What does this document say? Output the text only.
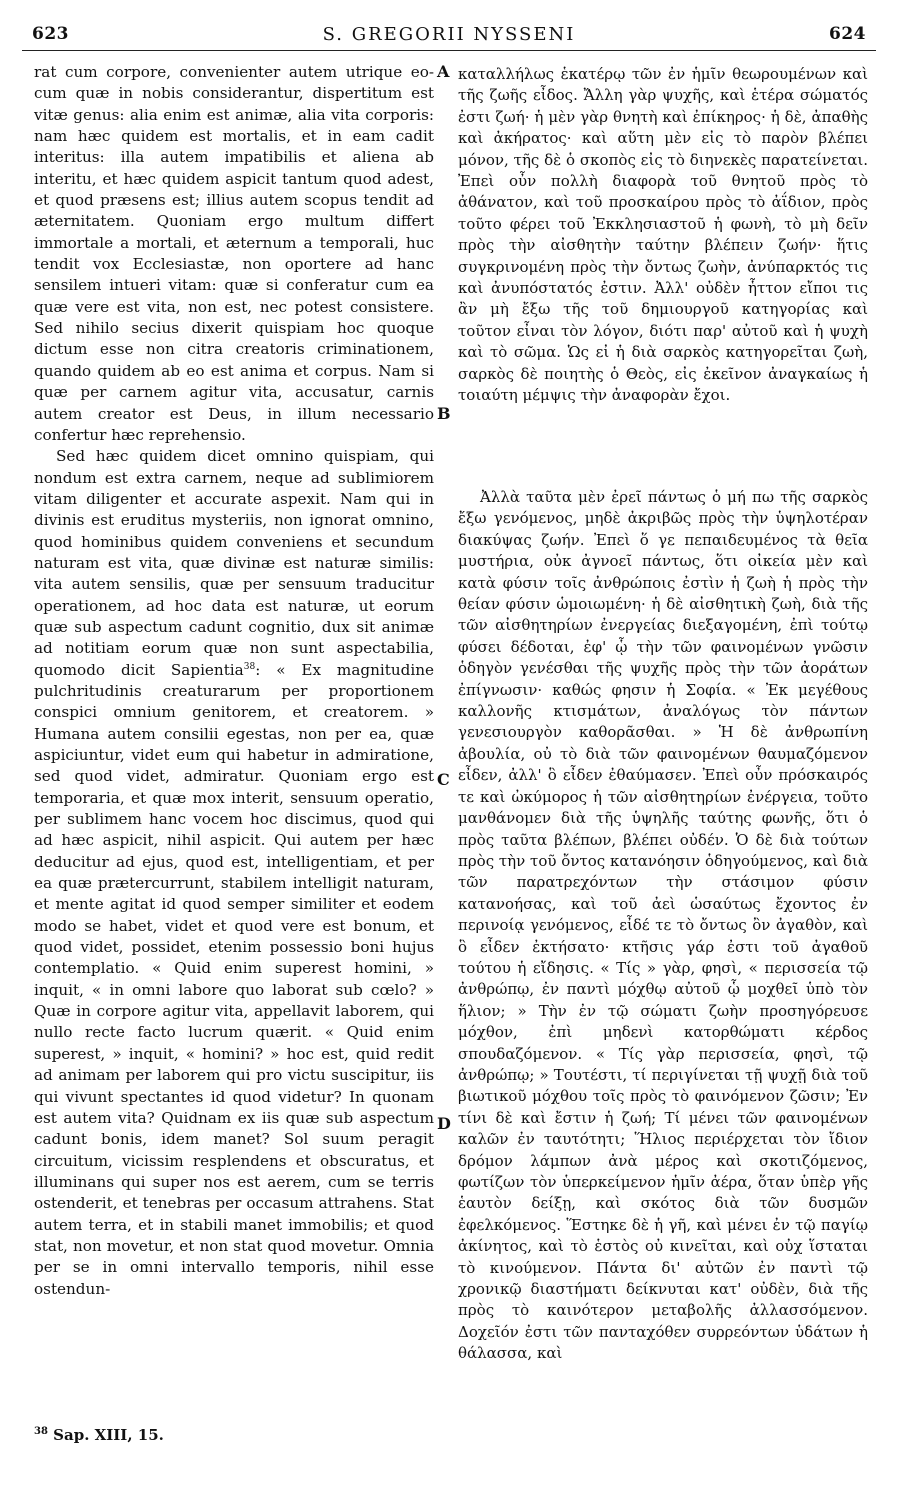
623	S. GREGORII NYSSENI	624

rat cum corpore, convenienter autem utrique eo-cum quæ in nobis considerantur, dispertitum est vitæ genus: alia enim est animæ, alia vita corporis: nam hæc quidem est mortalis, et in eam cadit interitus: illa autem impatibilis et aliena ab interitu, et hæc quidem aspicit tantum quod adest, et quod præsens est; illius autem scopus tendit ad æternitatem. Quoniam ergo multum differt immortale a mortali, et æternum a temporali, huc tendit vox Ecclesiastæ, non oportere ad hanc sensilem intueri vitam: quæ si conferatur cum ea quæ vere est vita, non est, nec potest consistere. Sed nihilo secius dixerit quispiam hoc quoque dictum esse non citra creatoris criminationem, quando quidem ab eo est anima et corpus. Nam si quæ per carnem agitur vita, accusatur, carnis autem creator est Deus, in illum necessario confertur hæc reprehensio.

Sed hæc quidem dicet omnino quispiam, qui nondum est extra carnem, neque ad sublimiorem vitam diligenter et accurate aspexit. Nam qui in divinis est eruditus mysteriis, non ignorat omnino, quod hominibus quidem conveniens et secundum naturam est vita, quæ divinæ est naturæ similis: vita autem sensilis, quæ per sensuum traducitur operationem, ad hoc data est naturæ, ut eorum quæ sub aspectum cadunt cognitio, dux sit animæ ad notitiam eorum quæ non sunt aspectabilia, quomodo dicit Sapientia$^{38}$: « Ex magnitudine pulchritudinis creaturarum per proportionem conspici omnium genitorem, et creatorem. » Humana autem consilii egestas, non per ea, quæ aspiciuntur, videt eum qui habetur in admiratione, sed quod videt, admiratur. Quoniam ergo est temporaria, et quæ mox interit, sensuum operatio, per sublimem hanc vocem hoc discimus, quod qui ad hæc aspicit, nihil aspicit. Qui autem per hæc deducitur ad ejus, quod est, intelligentiam, et per ea quæ prætercurrunt, stabilem intelligit naturam, et mente agitat id quod semper similiter et eodem modo se habet, videt et quod vere est bonum, et quod videt, possidet, etenim possessio boni hujus contemplatio. « Quid enim superest homini, » inquit, « in omni labore quo laborat sub cœlo? » Quæ in corpore agitur vita, appellavit laborem, qui nullo recte facto lucrum quærit. « Quid enim superest, » inquit, « homini? » hoc est, quid redit ad animam per laborem qui pro victu suscipitur, iis qui vivunt spectantes id quod videtur? In quonam est autem vita? Quidnam ex iis quæ sub aspectum cadunt bonis, idem manet? Sol suum peragit circuitum, vicissim resplendens et obscuratus, et illuminans qui super nos est aerem, cum se terris ostenderit, et tenebras per occasum attrahens. Stat autem terra, et in stabili manet immobilis; et quod stat, non movetur, et non stat quod movetur. Omnia per se in omni intervallo temporis, nihil esse ostendun-

A
B
C
D

καταλλήλως ἑκατέρῳ τῶν ἐν ἡμῖν θεωρουμένων καὶ τῆς ζωῆς εἶδος. Ἄλλη γὰρ ψυχῆς, καὶ ἑτέρα σώματός ἐστι ζωή· ἡ μὲν γὰρ θνητὴ καὶ ἐπίκηρος· ἡ δὲ, ἀπαθὴς καὶ ἀκήρατος· καὶ αὕτη μὲν εἰς τὸ παρὸν βλέπει μόνον, τῆς δὲ ὁ σκοπὸς εἰς τὸ διηνεκὲς παρατείνεται. Ἐπεὶ οὖν πολλὴ διαφορὰ τοῦ θνητοῦ πρὸς τὸ ἀθάνατον, καὶ τοῦ προσκαίρου πρὸς τὸ ἀΐδιον, πρὸς τοῦτο φέρει τοῦ Ἐκκλησιαστοῦ ἡ φωνὴ, τὸ μὴ δεῖν πρὸς τὴν αἰσθητὴν ταύτην βλέπειν ζωήν· ἥτις συγκρινομένη πρὸς τὴν ὄντως ζωὴν, ἀνύπαρκτός τις καὶ ἀνυπόστατός ἐστιν. Ἀλλ' οὐδὲν ἧττον εἴποι τις ἂν μὴ ἔξω τῆς τοῦ δημιουργοῦ κατηγορίας καὶ τοῦτον εἶναι τὸν λόγον, διότι παρ' αὐτοῦ καὶ ἡ ψυχὴ καὶ τὸ σῶμα. Ὡς εἰ ἡ διὰ σαρκὸς κατηγορεῖται ζωὴ, σαρκὸς δὲ ποιητὴς ὁ Θεὸς, εἰς ἐκεῖνον ἀναγκαίως ἡ τοιαύτη μέμψις τὴν ἀναφορὰν ἔχοι.

Ἀλλὰ ταῦτα μὲν ἐρεῖ πάντως ὁ μή πω τῆς σαρκὸς ἔξω γενόμενος, μηδὲ ἀκριβῶς πρὸς τὴν ὑψηλοτέραν διακύψας ζωήν. Ἐπεὶ ὅ γε πεπαιδευμένος τὰ θεῖα μυστήρια, οὐκ ἀγνοεῖ πάντως, ὅτι οἰκεία μὲν καὶ κατὰ φύσιν τοῖς ἀνθρώποις ἐστὶν ἡ ζωὴ ἡ πρὸς τὴν θείαν φύσιν ὡμοιωμένη· ἡ δὲ αἰσθητικὴ ζωὴ, διὰ τῆς τῶν αἰσθητηρίων ἐνεργείας διεξαγομένη, ἐπὶ τούτῳ φύσει δέδοται, ἐφ' ᾧ τὴν τῶν φαινομένων γνῶσιν ὁδηγὸν γενέσθαι τῆς ψυχῆς πρὸς τὴν τῶν ἀοράτων ἐπίγνωσιν· καθώς φησιν ἡ Σοφία. « Ἐκ μεγέθους καλλονῆς κτισμάτων, ἀναλόγως τὸν πάντων γενεσιουργὸν καθορᾶσθαι. » Ἡ δὲ ἀνθρωπίνη ἀβουλία, οὐ τὸ διὰ τῶν φαινομένων θαυμαζόμενον εἶδεν, ἀλλ' ὃ εἶδεν ἐθαύμασεν. Ἐπεὶ οὖν πρόσκαιρός τε καὶ ὠκύμορος ἡ τῶν αἰσθητηρίων ἐνέργεια, τοῦτο μανθάνομεν διὰ τῆς ὑψηλῆς ταύτης φωνῆς, ὅτι ὁ πρὸς ταῦτα βλέπων, βλέπει οὐδέν. Ὁ δὲ διὰ τούτων πρὸς τὴν τοῦ ὄντος κατανόησιν ὁδηγούμενος, καὶ διὰ τῶν παρατρεχόντων τὴν στάσιμον φύσιν κατανοήσας, καὶ τοῦ ἀεὶ ὡσαύτως ἔχοντος ἐν περινοίᾳ γενόμενος, εἶδέ τε τὸ ὄντως ὂν ἀγαθὸν, καὶ ὃ εἶδεν ἐκτήσατο· κτῆσις γάρ ἐστι τοῦ ἀγαθοῦ τούτου ἡ εἴδησις. « Τίς » γὰρ, φησὶ, « περισσεία τῷ ἀνθρώπῳ, ἐν παντὶ μόχθῳ αὐτοῦ ᾧ μοχθεῖ ὑπὸ τὸν ἥλιον; » Τὴν ἐν τῷ σώματι ζωὴν προσηγόρευσε μόχθον, ἐπὶ μηδενὶ κατορθώματι κέρδος σπουδαζόμενον. « Τίς γὰρ περισσεία, φησὶ, τῷ ἀνθρώπῳ; » Τουτέστι, τί περιγίνεται τῇ ψυχῇ διὰ τοῦ βιωτικοῦ μόχθου τοῖς πρὸς τὸ φαινόμενον ζῶσιν; Ἐν τίνι δὲ καὶ ἔστιν ἡ ζωή; Τί μένει τῶν φαινομένων καλῶν ἐν ταυτότητι; Ἥλιος περιέρχεται τὸν ἴδιον δρόμον λάμπων ἀνὰ μέρος καὶ σκοτιζόμενος, φωτίζων τὸν ὑπερκείμενον ἡμῖν ἀέρα, ὅταν ὑπὲρ γῆς ἑαυτὸν δείξῃ, καὶ σκότος διὰ τῶν δυσμῶν ἐφελκόμενος. Ἕστηκε δὲ ἡ γῆ, καὶ μένει ἐν τῷ παγίῳ ἀκίνητος, καὶ τὸ ἑστὸς οὐ κινεῖται, καὶ οὐχ ἵσταται τὸ κινούμενον. Πάντα δι' αὐτῶν ἐν παντὶ τῷ χρονικῷ διαστήματι δείκνυται κατ' οὐδὲν, διὰ τῆς πρὸς τὸ καινότερον μεταβολῆς ἀλλασσόμενον. Δοχεῖόν ἐστι τῶν πανταχόθεν συρρεόντων ὑδάτων ἡ θάλασσα, καὶ

$^{38}$ Sap. XIII, 15.
